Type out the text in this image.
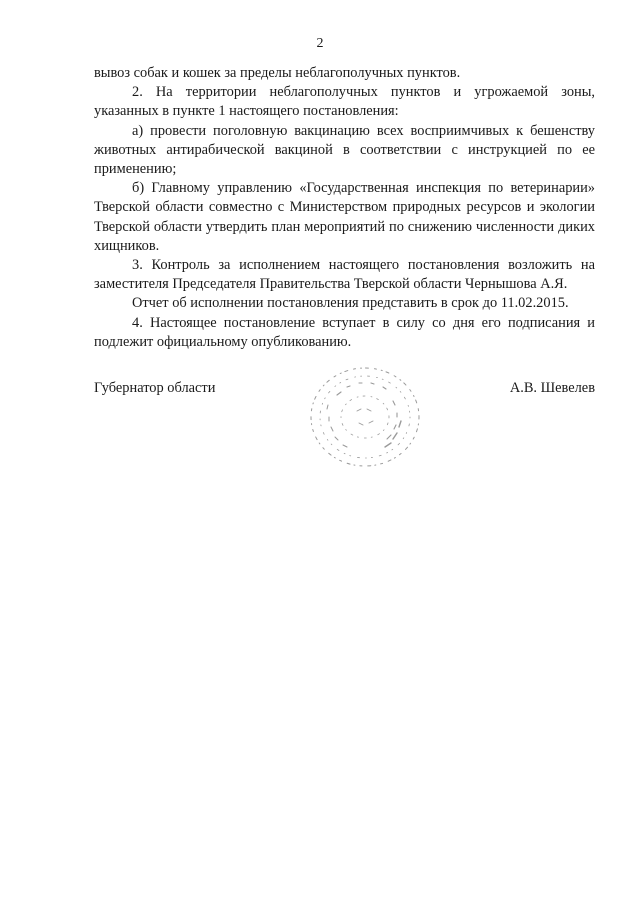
2

вывоз собак и кошек за пределы неблагополучных пунктов.

2. На территории неблагополучных пунктов и угрожаемой зоны, указанных в пункте 1 настоящего постановления:

а) провести поголовную вакцинацию всех восприимчивых к бешенству животных антирабической вакциной в соответствии с инструкцией по ее применению;

б) Главному управлению «Государственная инспекция по ветеринарии» Тверской области совместно с Министерством природных ресурсов и экологии Тверской области утвердить план мероприятий по снижению численности диких хищников.

3. Контроль за исполнением настоящего постановления возложить на заместителя Председателя Правительства Тверской области Чернышова А.Я.

Отчет об исполнении постановления представить в срок до 11.02.2015.

4. Настоящее постановление вступает в силу со дня его подписания и подлежит официальному опубликованию.

Губернатор области	А.В. Шевелев
